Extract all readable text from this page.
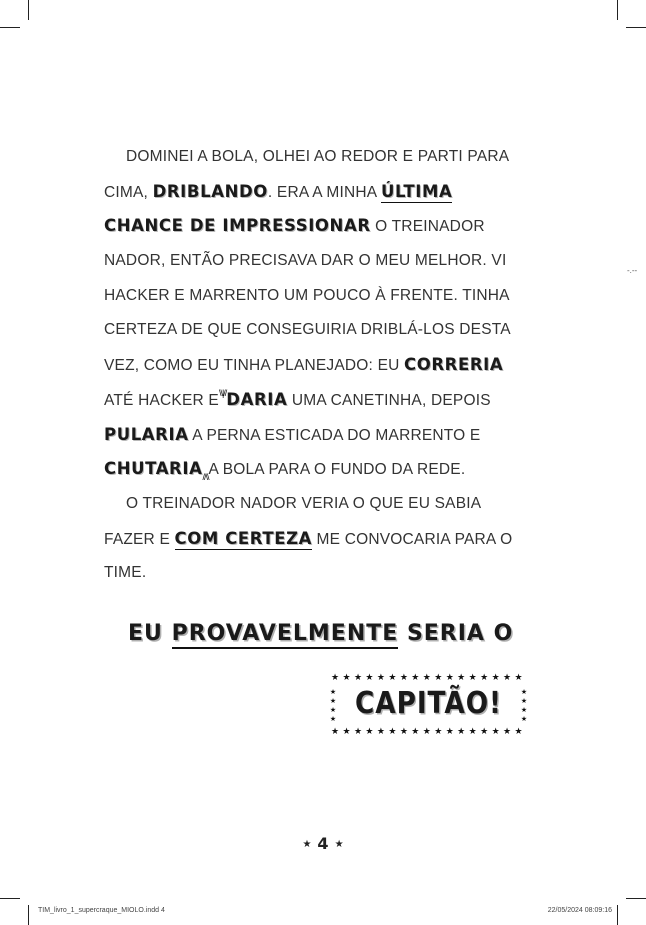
-.--
DOMINEI A BOLA, OLHEI AO REDOR E PARTI PARA
CIMA, DRIBLANDO. ERA A MINHA ÚLTIMA
CHANCE DE IMPRESSIONAR O TREINADOR
NADOR, ENTÃO PRECISAVA DAR O MEU MELHOR. VI
HACKER E MARRENTO UM POUCO À FRENTE. TINHA
CERTEZA DE QUE CONSEGUIRIA DRIBLÁ-LOS DESTA
VEZ, COMO EU TINHA PLANEJADO: EU CORRERIA
ATÉ HACKER E\\|//DARIA UMA CANETINHA, DEPOIS
PULARIA A PERNA ESTICADA DO MARRENTO E
$CHUTARIA_{//\backslash\backslash}A$ BOLA PARA O FUNDO DA REDE.
O TREINADOR NADOR VERIA O QUE EU SABIA
FAZER E COM CERTEZA ME CONVOCARIA PARA O
TIME.
EU PROVAVELMENTE SERIA O
★★★★★★★★★★★★★★★★★
★
★
★
★
★
★
★
★
CAPITÃO!
★★★★★★★★★★★★★★★★★
★ 4 ★
TIM_livro_1_supercraque_MIOLO.indd 4	22/05/2024 08:09:16
